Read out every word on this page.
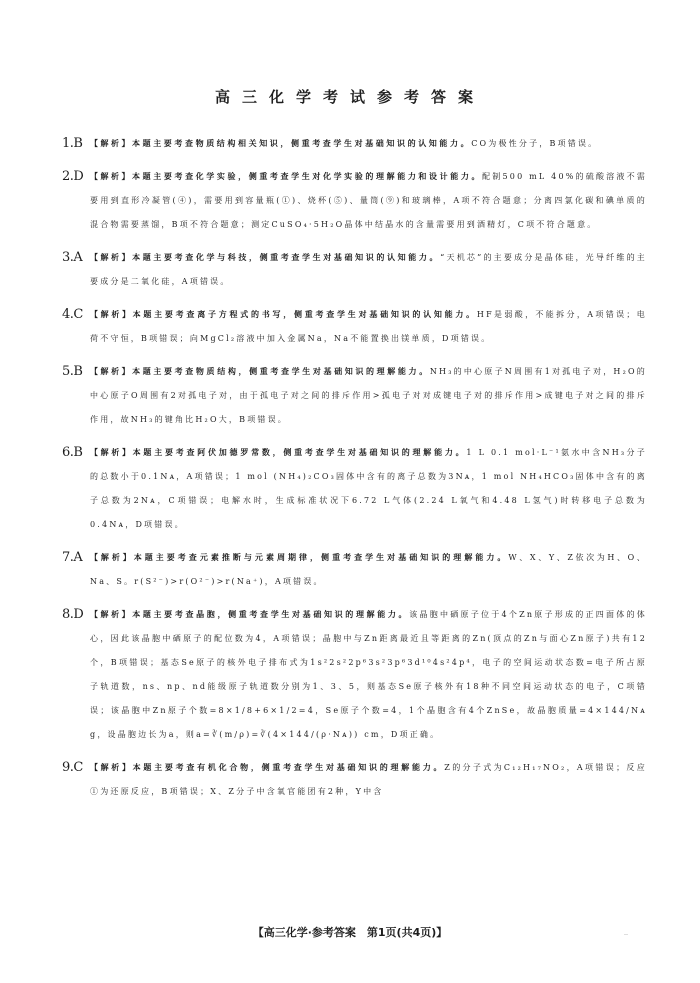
高三化学考试参考答案
1.B 【解析】本题主要考查物质结构相关知识，侧重考查学生对基础知识的认知能力。CO为极性分子，B项错误。
2.D 【解析】本题主要考查化学实验，侧重考查学生对化学实验的理解能力和设计能力。配制500 mL 40%的硫酸溶液不需要用到直形冷凝管(④)，需要用到容量瓶(①)、烧杯(⑤)、量筒(⑨)和玻璃棒，A项不符合题意；分离四氯化碳和碘单质的混合物需要蒸馏，B项不符合题意；测定CuSO₄·5H₂O晶体中结晶水的含量需要用到酒精灯，C项不符合题意。
3.A 【解析】本题主要考查化学与科技，侧重考查学生对基础知识的认知能力。“天机芯”的主要成分是晶体硅，光导纤维的主要成分是二氧化硅，A项错误。
4.C 【解析】本题主要考查离子方程式的书写，侧重考查学生对基础知识的认知能力。HF是弱酸，不能拆分，A项错误；电荷不守恒，B项错误；向MgCl₂溶液中加入金属Na，Na不能置换出镁单质，D项错误。
5.B 【解析】本题主要考查物质结构，侧重考查学生对基础知识的理解能力。NH₃的中心原子N周围有1对孤电子对，H₂O的中心原子O周围有2对孤电子对，由于孤电子对之间的排斥作用>孤电子对对成键电子对的排斥作用>成键电子对之间的排斥作用，故NH₃的键角比H₂O大，B项错误。
6.B 【解析】本题主要考查阿伏加德罗常数，侧重考查学生对基础知识的理解能力。1 L 0.1 mol·L⁻¹氨水中含NH₃分子的总数小于0.1Nᴀ，A项错误；1 mol (NH₄)₂CO₃固体中含有的离子总数为3Nᴀ，1 mol NH₄HCO₃固体中含有的离子总数为2Nᴀ，C项错误；电解水时，生成标准状况下6.72 L气体(2.24 L氧气和4.48 L氢气)时转移电子总数为0.4Nᴀ，D项错误。
7.A 【解析】本题主要考查元素推断与元素周期律，侧重考查学生对基础知识的理解能力。W、X、Y、Z依次为H、O、Na、S。r(S²⁻)>r(O²⁻)>r(Na⁺)，A项错误。
8.D 【解析】本题主要考查晶胞，侧重考查学生对基础知识的理解能力。该晶胞中硒原子位于4个Zn原子形成的正四面体的体心，因此该晶胞中硒原子的配位数为4，A项错误；晶胞中与Zn距离最近且等距离的Zn(顶点的Zn与面心Zn原子)共有12个，B项错误；基态Se原子的核外电子排布式为1s²2s²2p⁶3s²3p⁶3d¹⁰4s²4p⁴，电子的空间运动状态数=电子所占原子轨道数，ns、np、nd能级原子轨道数分别为1、3、5，则基态Se原子核外有18种不同空间运动状态的电子，C项错误；该晶胞中Zn原子个数=8×1/8+6×1/2=4，Se原子个数=4，1个晶胞含有4个ZnSe，故晶胞质量=4×144/Nᴀ g，设晶胞边长为a，则a=∛(m/ρ)=∛(4×144/(ρ·Nᴀ)) cm，D项正确。
9.C 【解析】本题主要考查有机化合物，侧重考查学生对基础知识的理解能力。Z的分子式为C₁₂H₁₇NO₂，A项错误；反应①为还原反应，B项错误；X、Z分子中含氧官能团有2种，Y中含
【高三化学·参考答案　第1页(共4页)】	‥
